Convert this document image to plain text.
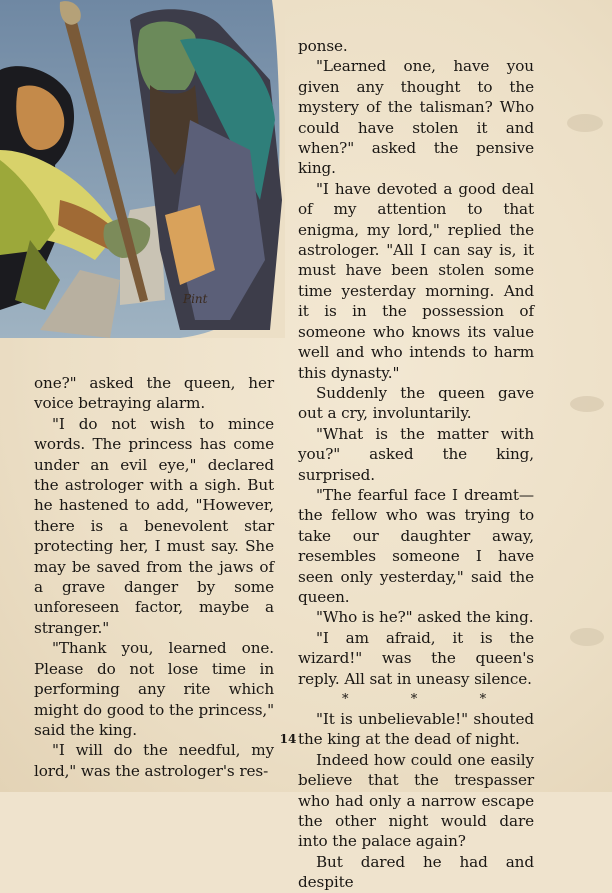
Pint

one?" asked the queen, her voice betraying alarm.

"I do not wish to mince words. The princess has come under an evil eye," declared the astrologer with a sigh. But he hastened to add, "However, there is a benevolent star protecting her, I must say. She may be saved from the jaws of a grave danger by some unforeseen factor, maybe a stranger."

"Thank you, learned one. Please do not lose time in performing any rite which might do good to the princess," said the king.

"I will do the needful, my lord," was the astrologer's res-

ponse.

"Learned one, have you given any thought to the mystery of the talisman? Who could have stolen it and when?" asked the pensive king.

"I have devoted a good deal of my attention to that enigma, my lord," replied the astrologer. "All I can say is, it must have been stolen some time yesterday morning. And it is in the possession of someone who knows its value well and who intends to harm this dynasty."

Suddenly the queen gave out a cry, involuntarily.

"What is the matter with you?" asked the king, surprised.

"The fearful face I dreamt—the fellow who was trying to take our daughter away, resembles someone I have seen only yesterday," said the queen.

"Who is he?" asked the king.

"I am afraid, it is the wizard!" was the queen's reply. All sat in uneasy silence.

*	*	*

"It is unbelievable!" shouted the king at the dead of night.

Indeed how could one easily believe that the trespasser who had only a narrow escape the other night would dare into the palace again?

But dared he had and despite

14
